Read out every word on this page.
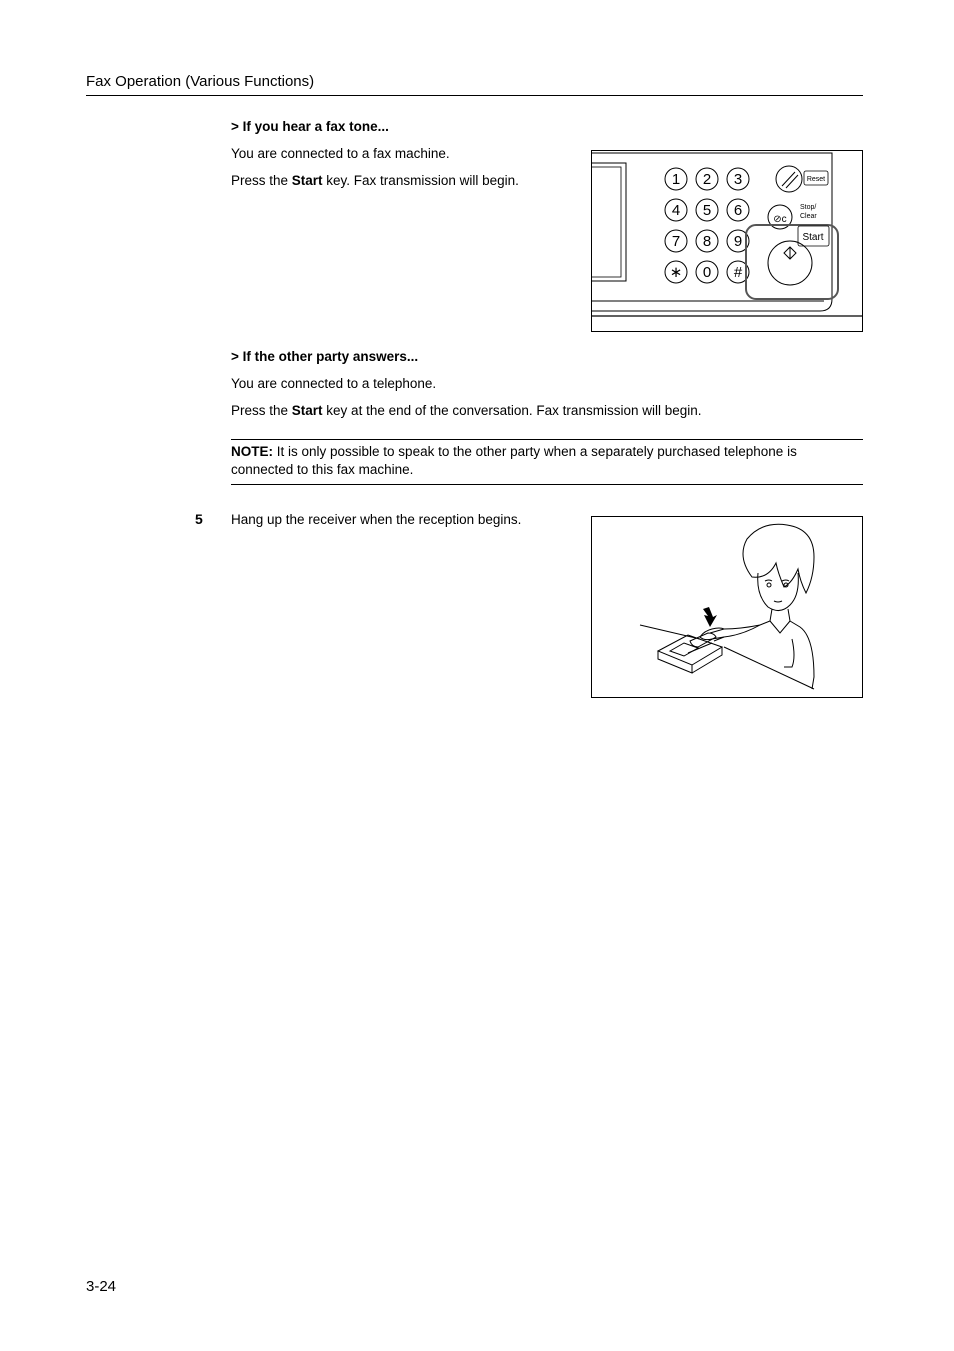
Fax Operation (Various Functions)
> If you hear a fax tone...
You are connected to a fax machine.
Press the Start key. Fax transmission will begin.	1 2 3
4 5 6
7 8 9
∗ 0 #
Reset
⊘c
Stop/
Clear
Start
> If the other party answers...
You are connected to a telephone.
Press the Start key at the end of the conversation. Fax transmission will begin.
NOTE: It is only possible to speak to the other party when a separately purchased telephone is connected to this fax machine.
5 Hang up the receiver when the reception begins.
3-24
